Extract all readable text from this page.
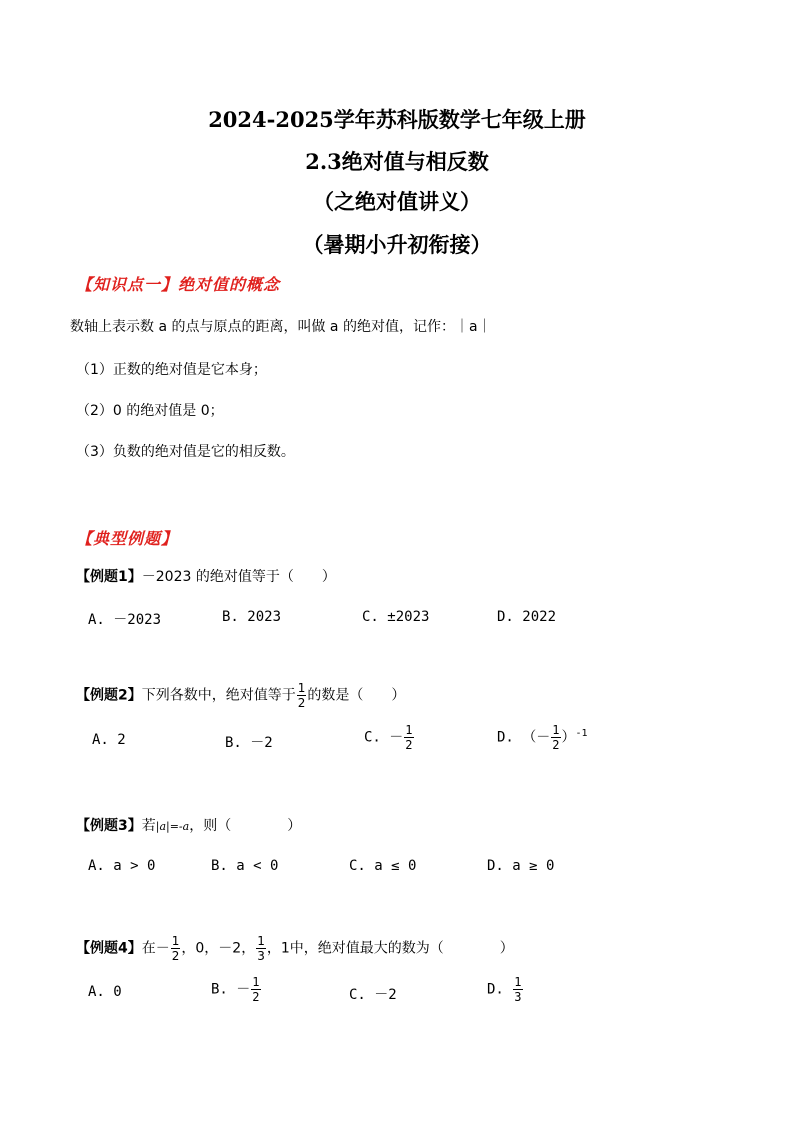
2024-2025学年苏科版数学七年级上册
2.3绝对值与相反数
（之绝对值讲义）
（暑期小升初衔接）
【知识点一】绝对值的概念
数轴上表示数 a 的点与原点的距离，叫做 a 的绝对值，记作：｜a｜
（1）正数的绝对值是它本身；
（2）0 的绝对值是 0；
（3）负数的绝对值是它的相反数。
【典型例题】
【例题1】－2023 的绝对值等于（　　）
A. －2023	B. 2023	C. ±2023	D. 2022
【例题2】下列各数中，绝对值等于 $\frac{1}{2}$ 的数是（　　）
A. 2	B. －2	C. － $\frac{1}{2}$	D. （－ $\frac{1}{2} )^{-1}$
【例题3】若|a|=-a，则（　　　　）
A. a > 0	B. a < 0	C. a ≤ 0	D. a ≥ 0
【例题4】在－ $\frac{1}{2}$ ，0，－2， $\frac{1}{3}$ ，1中，绝对值最大的数为（　　　　）
A. 0	B. － $\frac{1}{2}$	C. －2	D. $\frac{1}{3}$
